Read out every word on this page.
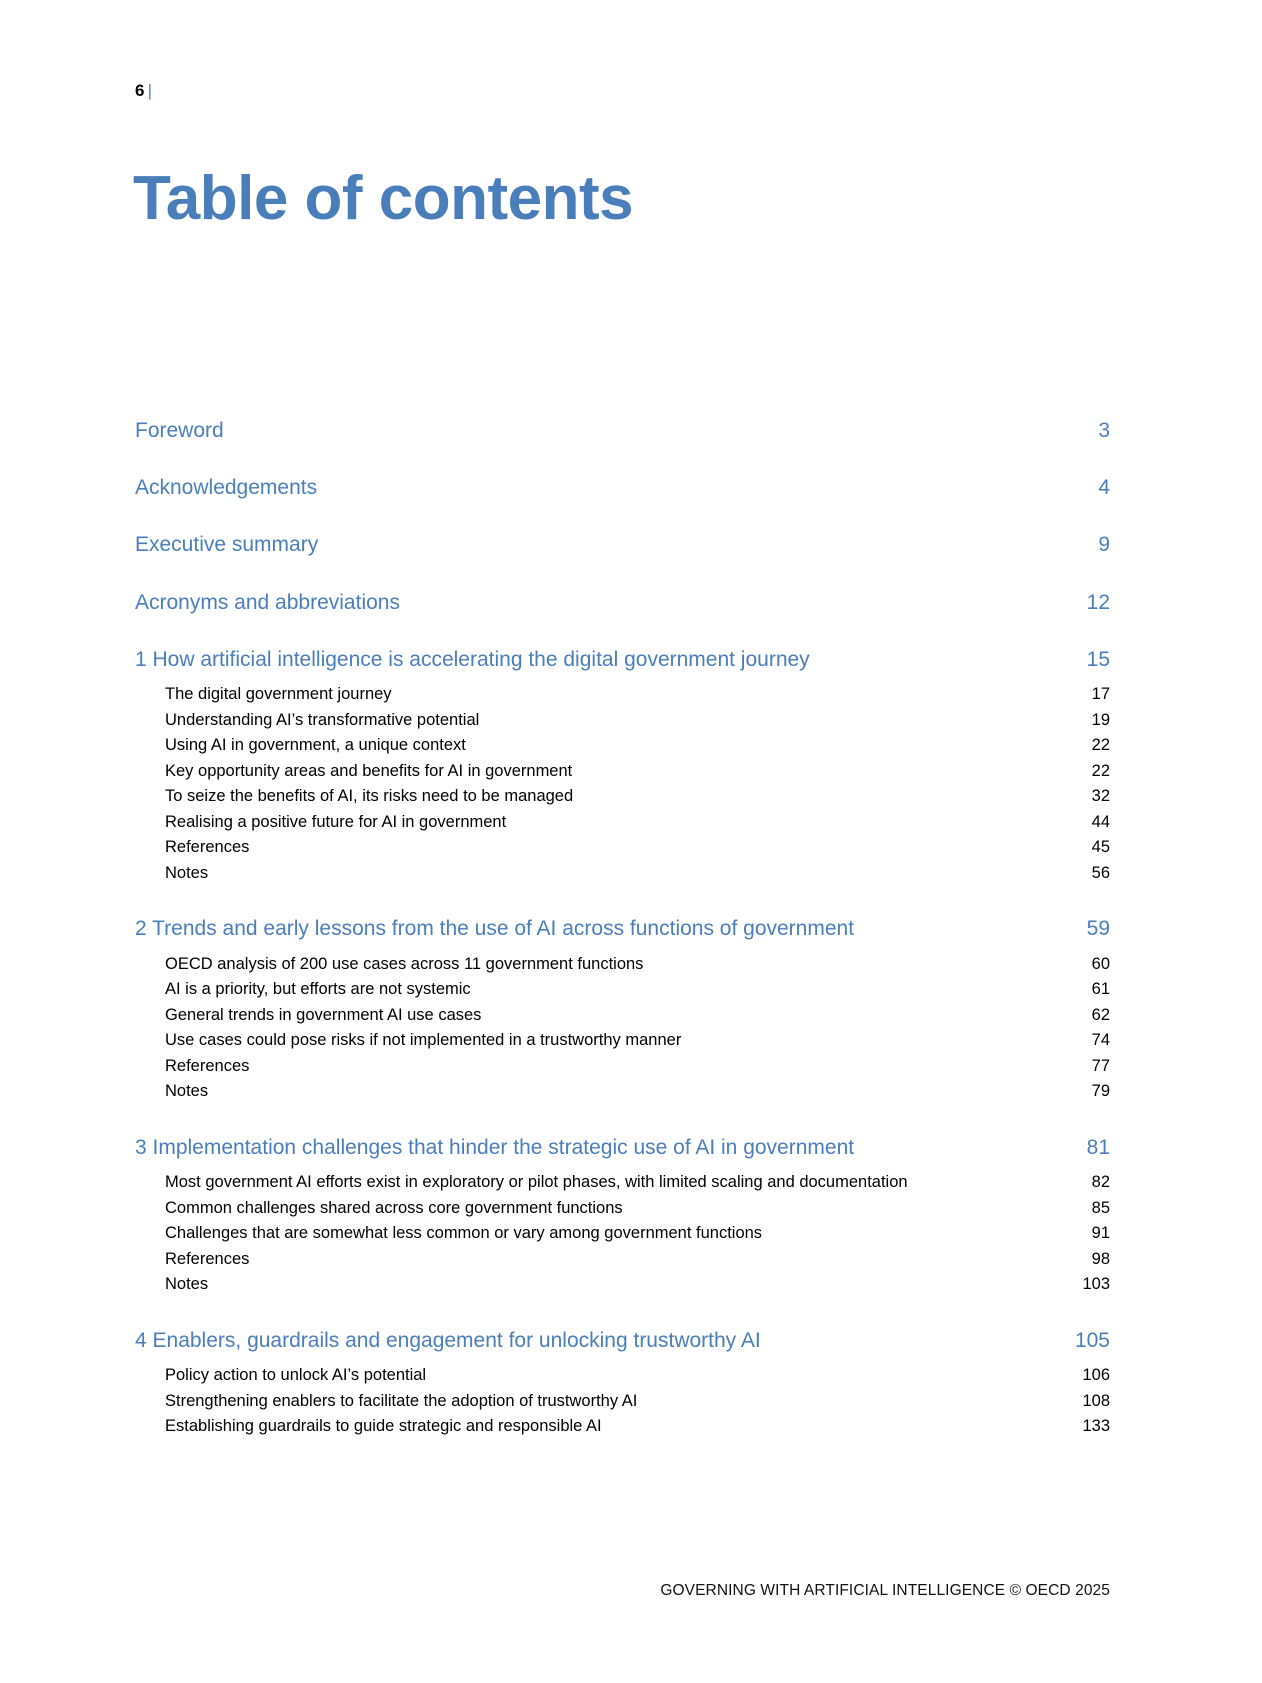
6 |
Table of contents
Foreword	3
Acknowledgements	4
Executive summary	9
Acronyms and abbreviations	12
1 How artificial intelligence is accelerating the digital government journey	15
The digital government journey	17
Understanding AI’s transformative potential	19
Using AI in government, a unique context	22
Key opportunity areas and benefits for AI in government	22
To seize the benefits of AI, its risks need to be managed	32
Realising a positive future for AI in government	44
References	45
Notes	56
2 Trends and early lessons from the use of AI across functions of government	59
OECD analysis of 200 use cases across 11 government functions	60
AI is a priority, but efforts are not systemic	61
General trends in government AI use cases	62
Use cases could pose risks if not implemented in a trustworthy manner	74
References	77
Notes	79
3 Implementation challenges that hinder the strategic use of AI in government	81
Most government AI efforts exist in exploratory or pilot phases, with limited scaling and documentation	82
Common challenges shared across core government functions	85
Challenges that are somewhat less common or vary among government functions	91
References	98
Notes	103
4 Enablers, guardrails and engagement for unlocking trustworthy AI	105
Policy action to unlock AI’s potential	106
Strengthening enablers to facilitate the adoption of trustworthy AI	108
Establishing guardrails to guide strategic and responsible AI	133
GOVERNING WITH ARTIFICIAL INTELLIGENCE © OECD 2025
